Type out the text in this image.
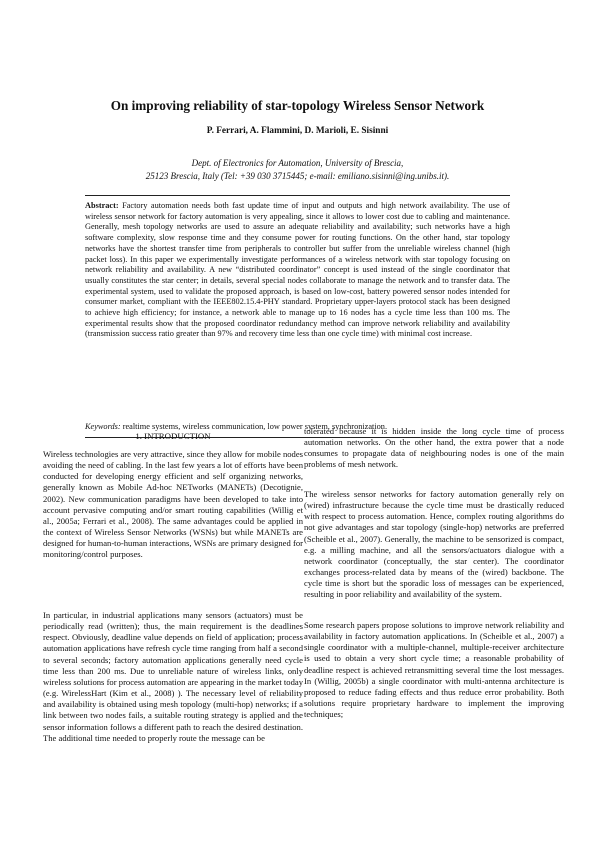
On improving reliability of star-topology Wireless Sensor Network
P. Ferrari, A. Flammini, D. Marioli, E. Sisinni
Dept. of Electronics for Automation, University of Brescia,
25123 Brescia, Italy (Tel: +39 030 3715445; e-mail: emiliano.sisinni@ing.unibs.it).
Abstract: Factory automation needs both fast update time of input and outputs and high network availability. The use of wireless sensor network for factory automation is very appealing, since it allows to lower cost due to cabling and maintenance. Generally, mesh topology networks are used to assure an adequate reliability and availability; such networks have a high software complexity, slow response time and they consume power for routing functions. On the other hand, star topology networks have the shortest transfer time from peripherals to controller but suffer from the unreliable wireless channel (high packet loss). In this paper we experimentally investigate performances of a wireless network with star topology focusing on network reliability and availability. A new “distributed coordinator” concept is used instead of the single coordinator that usually constitutes the star center; in details, several special nodes collaborate to manage the network and to transfer data. The experimental system, used to validate the proposed approach, is based on low-cost, battery powered sensor nodes intended for consumer market, compliant with the IEEE802.15.4-PHY standard. Proprietary upper-layers protocol stack has been designed to achieve high efficiency; for instance, a network able to manage up to 16 nodes has a cycle time less than 100 ms. The experimental results show that the proposed coordinator redundancy method can improve network reliability and availability (transmission success ratio greater than 97% and recovery time less than one cycle time) with minimal cost increase.
Keywords: realtime systems, wireless communication, low power system, synchronization.
1. INTRODUCTION

Wireless technologies are very attractive, since they allow for mobile nodes avoiding the need of cabling. In the last few years a lot of efforts have been conducted for developing energy efficient and self organizing networks, generally known as Mobile Ad-hoc NETworks (MANETs) (Decotignie, 2002). New communication paradigms have been developed to take into account pervasive computing and/or smart routing capabilities (Willig et al., 2005a; Ferrari et al., 2008). The same advantages could be applied in the context of Wireless Sensor Networks (WSNs) but while MANETs are designed for human-to-human interactions, WSNs are primary designed for monitoring/control purposes.

In particular, in industrial applications many sensors (actuators) must be periodically read (written); thus, the main requirement is the deadlines respect. Obviously, deadline value depends on field of application; process automation applications have refresh cycle time ranging from half a second to several seconds; factory automation applications generally need cycle time less than 200 ms. Due to unreliable nature of wireless links, only wireless solutions for process automation are appearing in the market today (e.g. WirelessHart (Kim et al., 2008) ). The necessary level of reliability and availability is obtained using mesh topology (multi-hop) networks; if a link between two nodes fails, a suitable routing strategy is applied and the sensor information follows a different path to reach the desired destination. The additional time needed to properly route the message can be

tolerated because it is hidden inside the long cycle time of process automation networks. On the other hand, the extra power that a node consumes to propagate data of neighbouring nodes is one of the main problems of mesh network.

The wireless sensor networks for factory automation generally rely on (wired) infrastructure because the cycle time must be drastically reduced with respect to process automation. Hence, complex routing algorithms do not give advantages and star topology (single-hop) networks are preferred (Scheible et al., 2007). Generally, the machine to be sensorized is compact, e.g. a milling machine, and all the sensors/actuators dialogue with a network coordinator (conceptually, the star center). The coordinator exchanges process-related data by means of the (wired) backbone. The cycle time is short but the sporadic loss of messages can be experienced, resulting in poor reliability and availability of the system.

Some research papers propose solutions to improve network reliability and availability in factory automation applications. In (Scheible et al., 2007) a single coordinator with a multiple-channel, multiple-receiver architecture is used to obtain a very short cycle time; a reasonable probability of deadline respect is achieved retransmitting several time the lost messages. In (Willig, 2005b) a single coordinator with multi-antenna architecture is proposed to reduce fading effects and thus reduce error probability. Both solutions require proprietary hardware to implement the improving techniques;
